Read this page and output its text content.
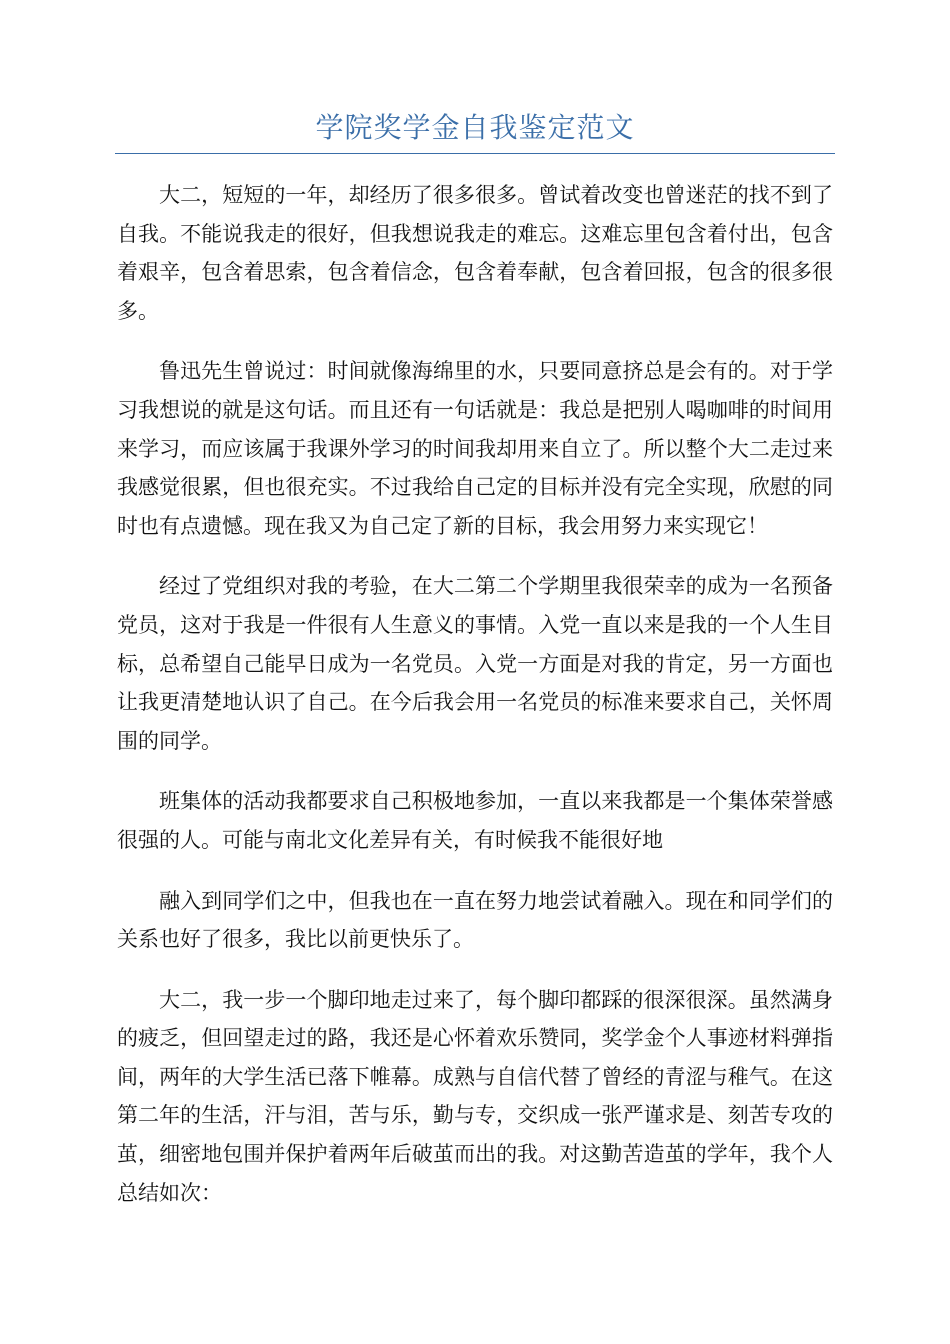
学院奖学金自我鉴定范文

大二，短短的一年，却经历了很多很多。曾试着改变也曾迷茫的找不到了自我。不能说我走的很好，但我想说我走的难忘。这难忘里包含着付出，包含着艰辛，包含着思索，包含着信念，包含着奉献，包含着回报，包含的很多很多。

鲁迅先生曾说过：时间就像海绵里的水，只要同意挤总是会有的。对于学习我想说的就是这句话。而且还有一句话就是：我总是把别人喝咖啡的时间用来学习，而应该属于我课外学习的时间我却用来自立了。所以整个大二走过来我感觉很累，但也很充实。不过我给自己定的目标并没有完全实现，欣慰的同时也有点遗憾。现在我又为自己定了新的目标，我会用努力来实现它！

经过了党组织对我的考验，在大二第二个学期里我很荣幸的成为一名预备党员，这对于我是一件很有人生意义的事情。入党一直以来是我的一个人生目标，总希望自己能早日成为一名党员。入党一方面是对我的肯定，另一方面也让我更清楚地认识了自己。在今后我会用一名党员的标准来要求自己，关怀周围的同学。

班集体的活动我都要求自己积极地参加，一直以来我都是一个集体荣誉感很强的人。可能与南北文化差异有关，有时候我不能很好地

融入到同学们之中，但我也在一直在努力地尝试着融入。现在和同学们的关系也好了很多，我比以前更快乐了。

大二，我一步一个脚印地走过来了，每个脚印都踩的很深很深。虽然满身的疲乏，但回望走过的路，我还是心怀着欢乐赞同，奖学金个人事迹材料弹指间，两年的大学生活已落下帷幕。成熟与自信代替了曾经的青涩与稚气。在这第二年的生活，汗与泪，苦与乐，勤与专，交织成一张严谨求是、刻苦专攻的茧，细密地包围并保护着两年后破茧而出的我。对这勤苦造茧的学年，我个人总结如次：
